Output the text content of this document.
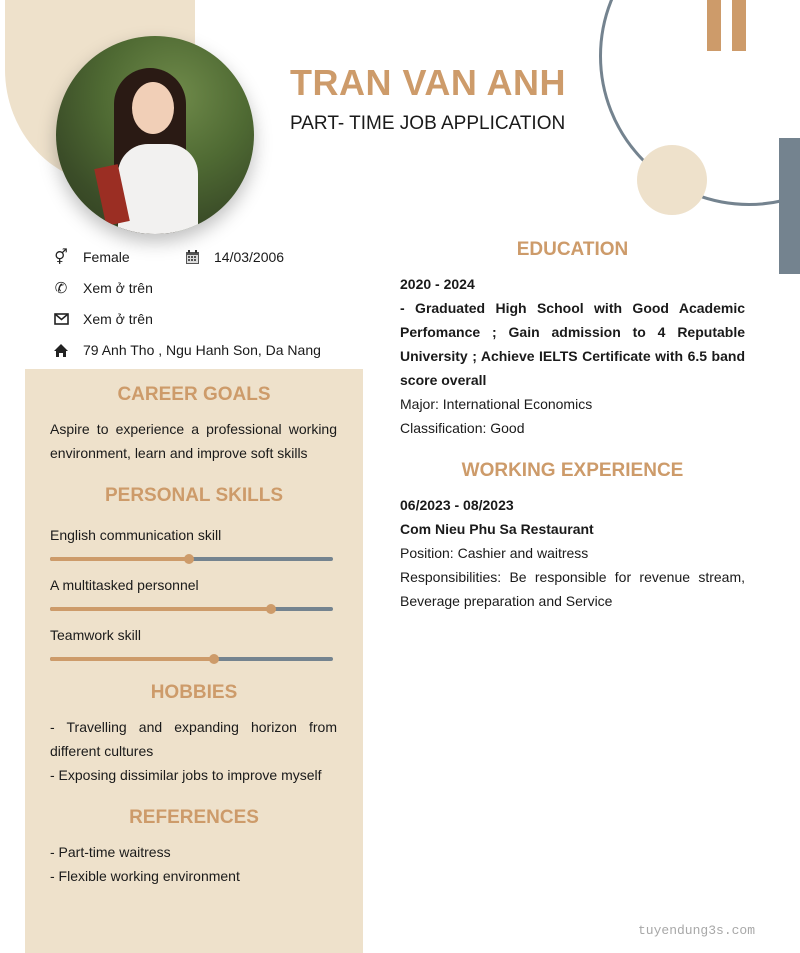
TRAN VAN ANH
PART- TIME JOB APPLICATION
⚥ Female	14/03/2006
✆ Xem ở trên
Xem ở trên
79 Anh Tho , Ngu Hanh Son, Da Nang
CAREER GOALS
Aspire to experience a professional working environment, learn and improve soft skills
PERSONAL SKILLS
English communication skill
A multitasked personnel
Teamwork skill
HOBBIES
- Travelling and expanding horizon from different cultures
- Exposing dissimilar jobs to improve myself
REFERENCES
- Part-time waitress
- Flexible working environment
EDUCATION
2020 - 2024
- Graduated High School with Good Academic Perfomance ; Gain admission to 4 Reputable University ; Achieve IELTS Certificate with 6.5 band score overall
Major: International Economics
Classification: Good
WORKING EXPERIENCE
06/2023 - 08/2023
Com Nieu Phu Sa Restaurant
Position: Cashier and waitress
Responsibilities: Be responsible for revenue stream, Beverage preparation and Service
tuyendung3s.com
